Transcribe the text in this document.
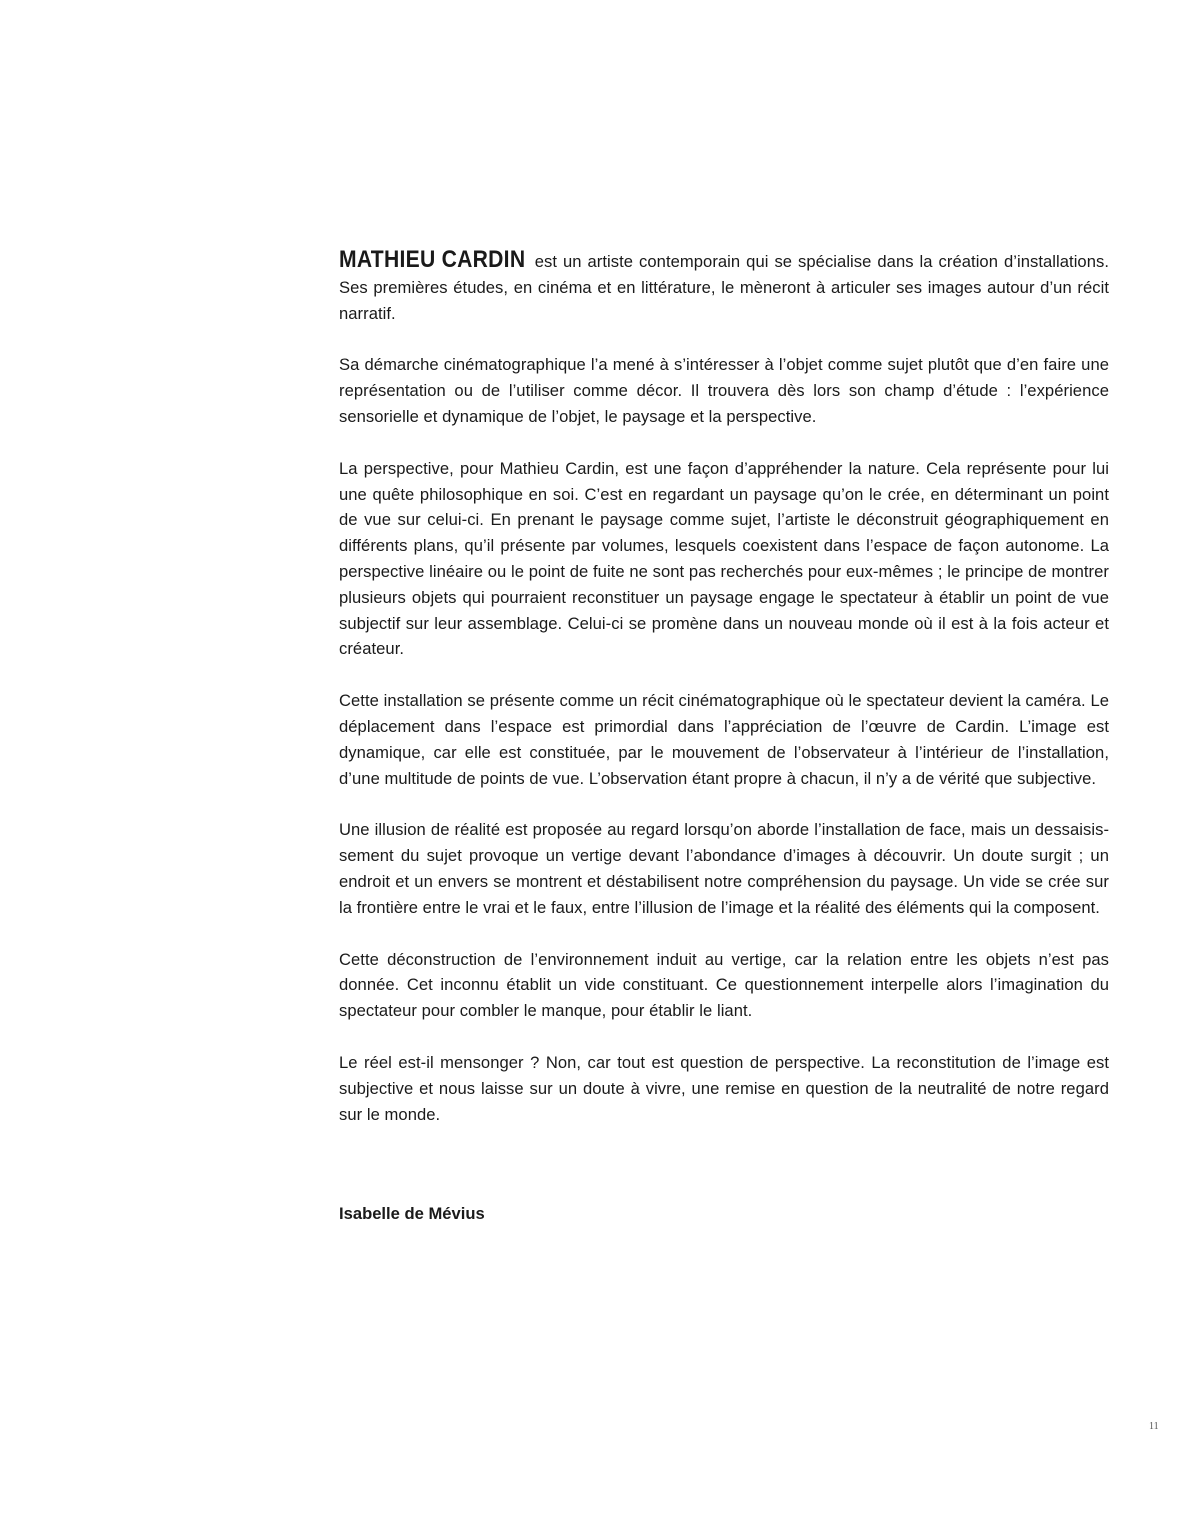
MATHIEU CARDIN est un artiste contemporain qui se spécialise dans la création d’installations. Ses premières études, en cinéma et en littérature, le mèneront à articuler ses images autour d’un récit narratif.

Sa démarche cinématographique l’a mené à s’intéresser à l’objet comme sujet plutôt que d’en faire une représentation ou de l’utiliser comme décor. Il trouvera dès lors son champ d’étude : l’expérience sensorielle et dynamique de l’objet, le paysage et la perspective.

La perspective, pour Mathieu Cardin, est une façon d’appréhender la nature. Cela représente pour lui une quête philosophique en soi. C’est en regardant un paysage qu’on le crée, en déterminant un point de vue sur celui-ci. En prenant le paysage comme sujet, l’artiste le déconstruit géographiquement en différents plans, qu’il présente par volumes, lesquels coexistent dans l’espace de façon autonome. La perspective linéaire ou le point de fuite ne sont pas recherchés pour eux-mêmes ; le principe de montrer plusieurs objets qui pourraient reconstituer un paysage engage le spectateur à établir un point de vue subjectif sur leur assemblage. Celui-ci se promène dans un nouveau monde où il est à la fois acteur et créateur.

Cette installation se présente comme un récit cinématographique où le spectateur devient la caméra. Le déplacement dans l’espace est primordial dans l’appréciation de l’œuvre de Cardin. L’image est dynamique, car elle est constituée, par le mouvement de l’observateur à l’intérieur de l’installation, d’une multitude de points de vue. L’observation étant propre à chacun, il n’y a de vérité que subjective.

Une illusion de réalité est proposée au regard lorsqu’on aborde l’installation de face, mais un dessaisissement du sujet provoque un vertige devant l’abondance d’images à découvrir. Un doute surgit ; un endroit et un envers se montrent et déstabilisent notre compréhension du paysage. Un vide se crée sur la frontière entre le vrai et le faux, entre l’illusion de l’image et la réalité des éléments qui la composent.

Cette déconstruction de l’environnement induit au vertige, car la relation entre les objets n’est pas donnée. Cet inconnu établit un vide constituant. Ce questionnement interpelle alors l’imagination du spectateur pour combler le manque, pour établir le liant.

Le réel est-il mensonger ? Non, car tout est question de perspective. La reconstitution de l’image est subjective et nous laisse sur un doute à vivre, une remise en question de la neutralité de notre regard sur le monde.

Isabelle de Mévius
11
